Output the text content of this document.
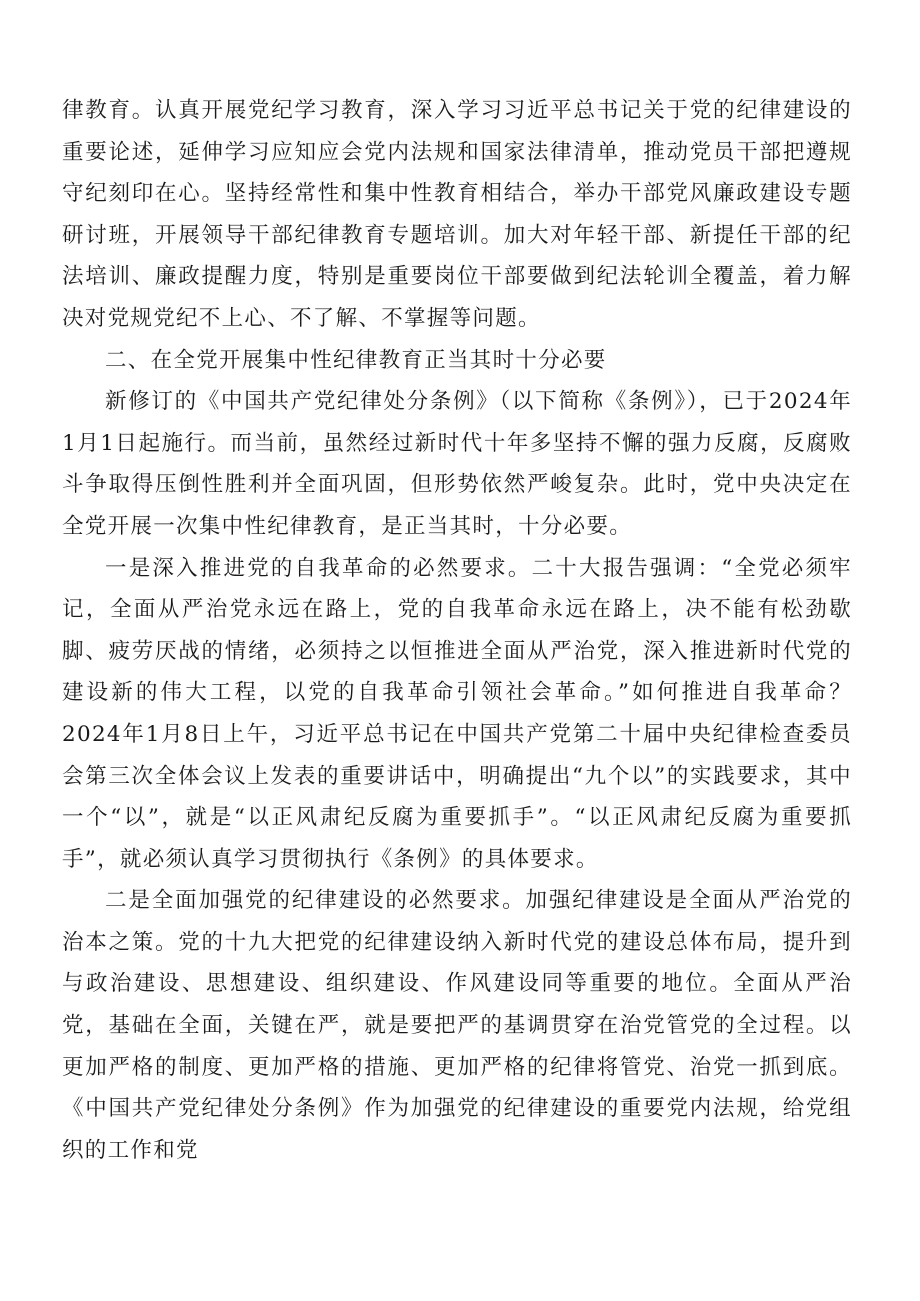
律教育。认真开展党纪学习教育，深入学习习近平总书记关于党的纪律建设的重要论述，延伸学习应知应会党内法规和国家法律清单，推动党员干部把遵规守纪刻印在心。坚持经常性和集中性教育相结合，举办干部党风廉政建设专题研讨班，开展领导干部纪律教育专题培训。加大对年轻干部、新提任干部的纪法培训、廉政提醒力度，特别是重要岗位干部要做到纪法轮训全覆盖，着力解决对党规党纪不上心、不了解、不掌握等问题。

二、在全党开展集中性纪律教育正当其时十分必要

新修订的《中国共产党纪律处分条例》（以下简称《条例》），已于2024年1月1日起施行。而当前，虽然经过新时代十年多坚持不懈的强力反腐，反腐败斗争取得压倒性胜利并全面巩固，但形势依然严峻复杂。此时，党中央决定在全党开展一次集中性纪律教育，是正当其时，十分必要。

一是深入推进党的自我革命的必然要求。二十大报告强调：“全党必须牢记，全面从严治党永远在路上，党的自我革命永远在路上，决不能有松劲歇脚、疲劳厌战的情绪，必须持之以恒推进全面从严治党，深入推进新时代党的建设新的伟大工程，以党的自我革命引领社会革命。”如何推进自我革命？2024年1月8日上午，习近平总书记在中国共产党第二十届中央纪律检查委员会第三次全体会议上发表的重要讲话中，明确提出“九个以”的实践要求，其中一个“以”，就是“以正风肃纪反腐为重要抓手”。“以正风肃纪反腐为重要抓手”，就必须认真学习贯彻执行《条例》的具体要求。

二是全面加强党的纪律建设的必然要求。加强纪律建设是全面从严治党的治本之策。党的十九大把党的纪律建设纳入新时代党的建设总体布局，提升到与政治建设、思想建设、组织建设、作风建设同等重要的地位。全面从严治党，基础在全面，关键在严，就是要把严的基调贯穿在治党管党的全过程。以更加严格的制度、更加严格的措施、更加严格的纪律将管党、治党一抓到底。《中国共产党纪律处分条例》作为加强党的纪律建设的重要党内法规，给党组织的工作和党
